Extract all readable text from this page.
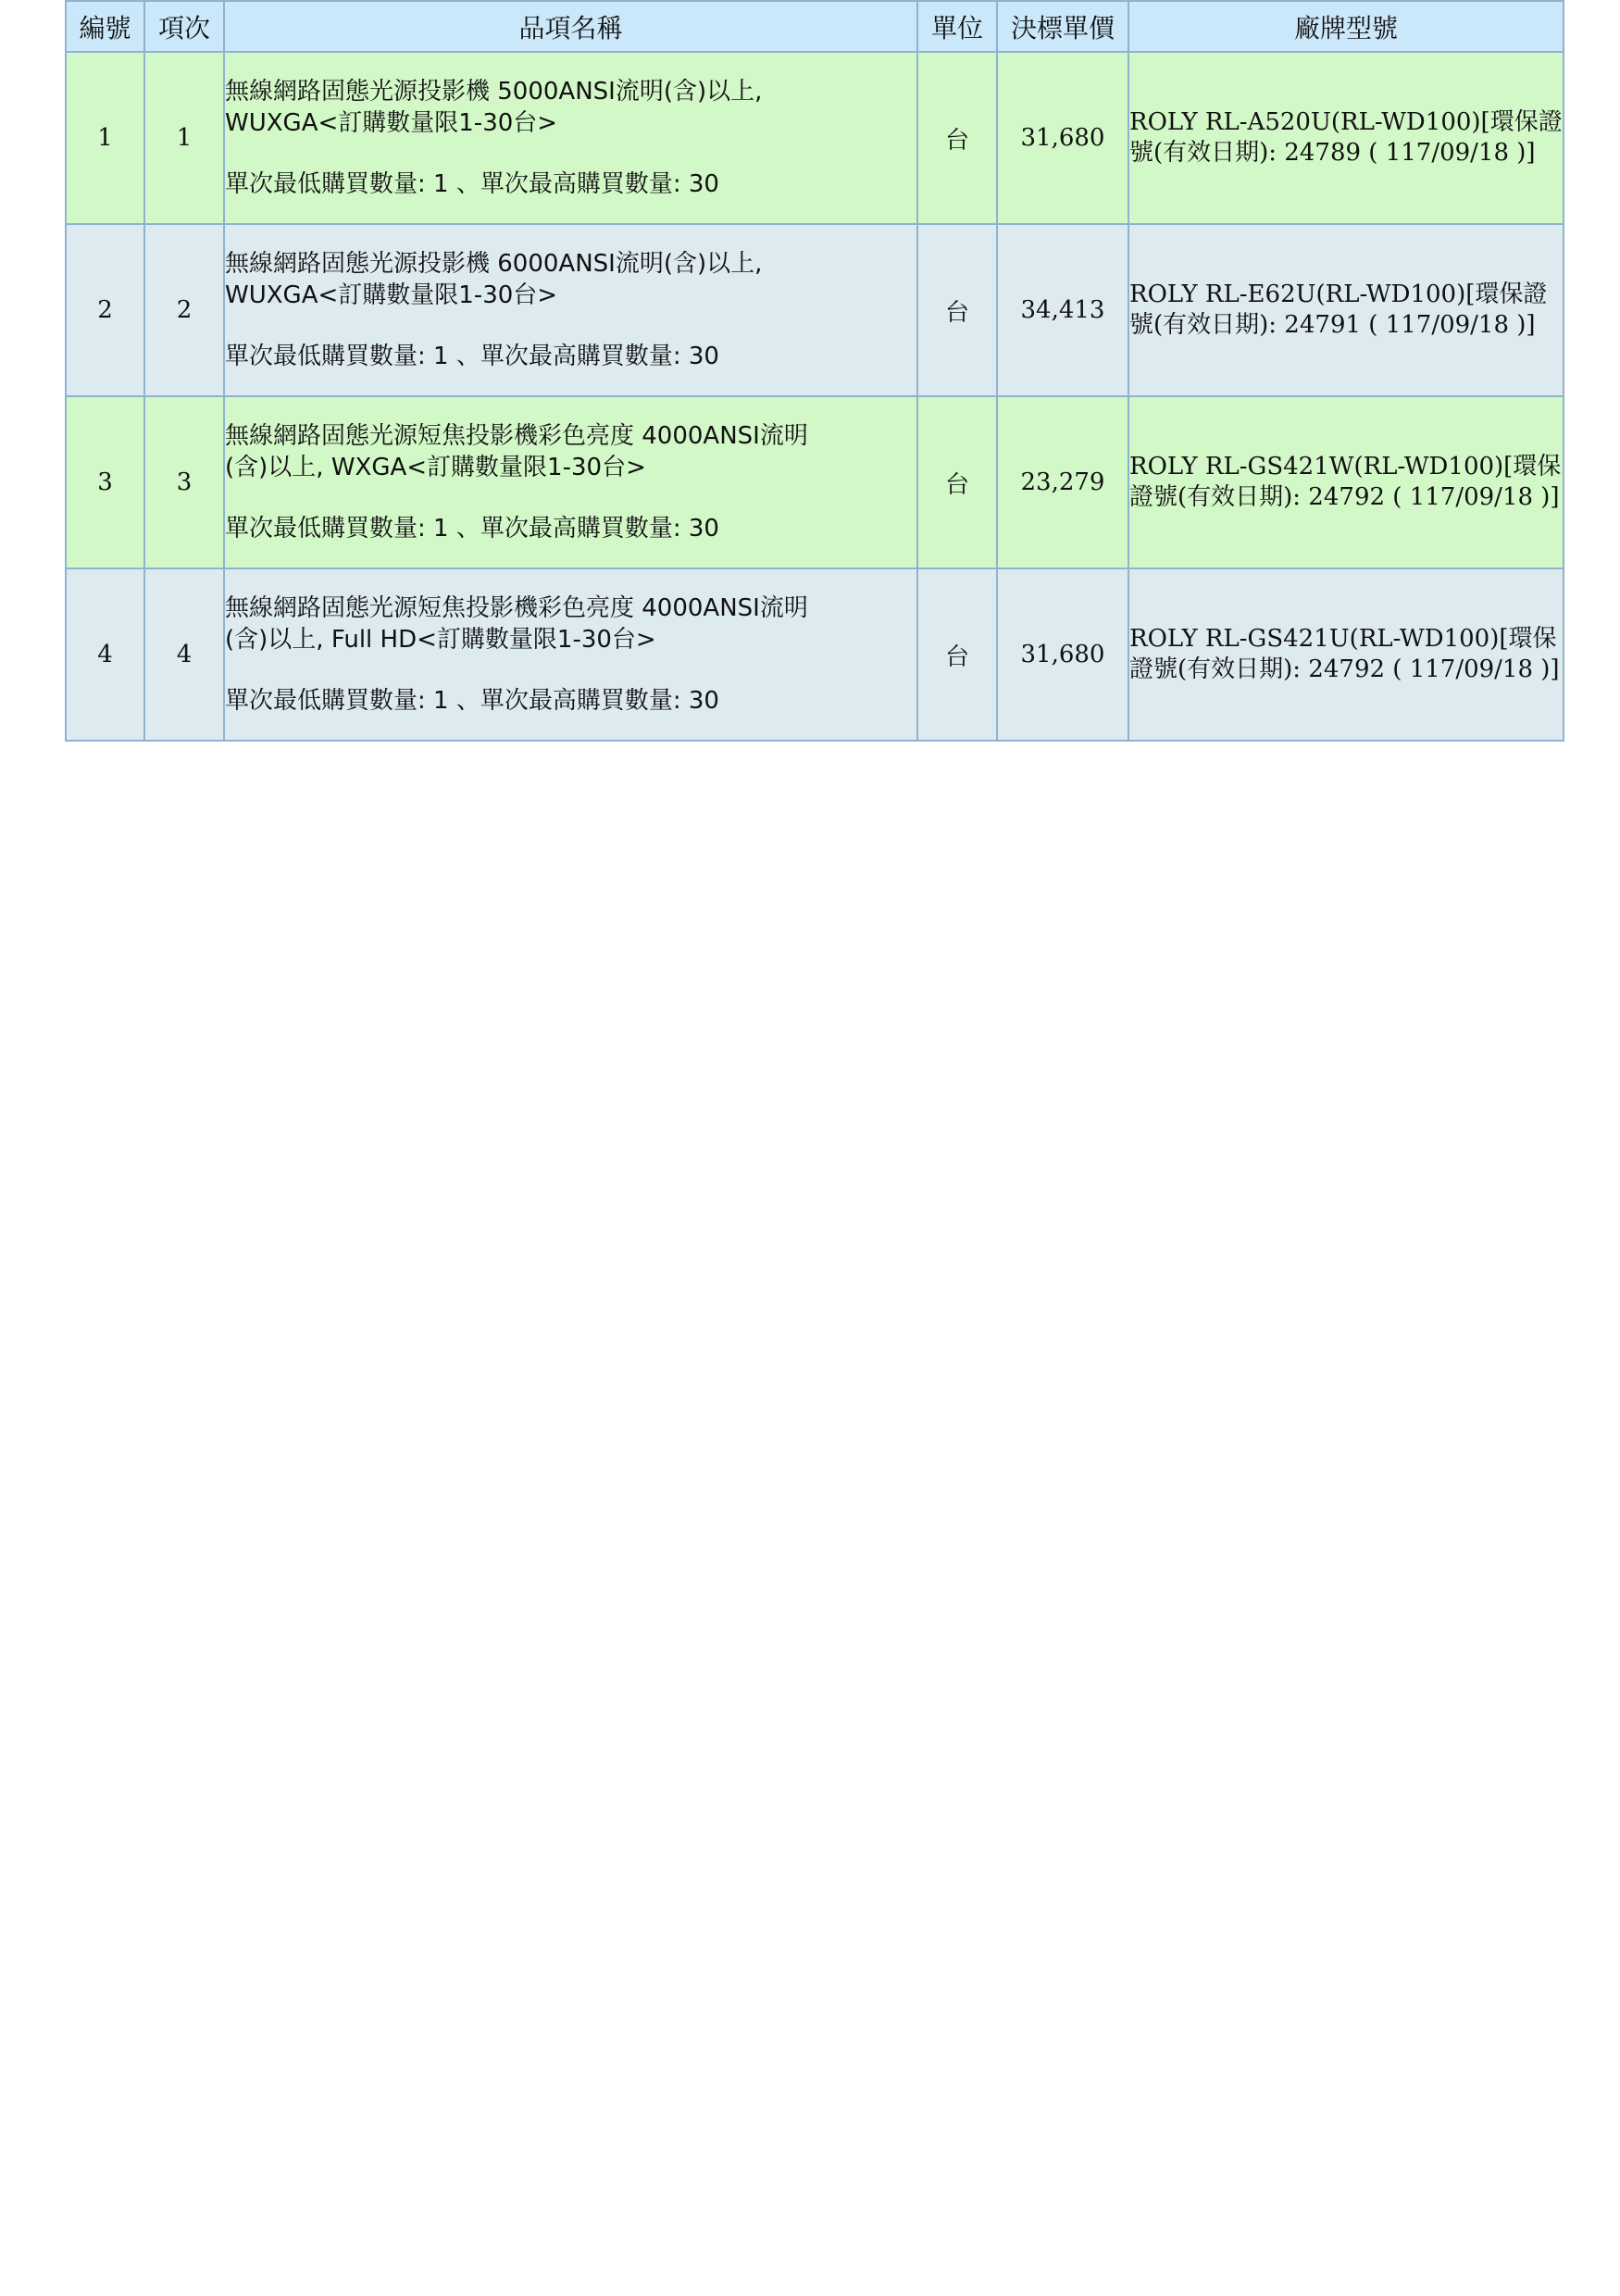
編號	項次	品項名稱	單位	決標單價	廠牌型號
1	1	無線網路固態光源投影機 5000ANSI流明(含)以上,
WUXGA<訂購數量限1-30台>
單次最低購買數量: 1 、單次最高購買數量: 30	台	31,680	ROLY RL-A520U(RL-WD100)[環保證號(有效日期): 24789 ( 117/09/18 )]
2	2	無線網路固態光源投影機 6000ANSI流明(含)以上,
WUXGA<訂購數量限1-30台>
單次最低購買數量: 1 、單次最高購買數量: 30	台	34,413	ROLY RL-E62U(RL-WD100)[環保證號(有效日期): 24791 ( 117/09/18 )]
3	3	無線網路固態光源短焦投影機彩色亮度 4000ANSI流明
(含)以上, WXGA<訂購數量限1-30台>
單次最低購買數量: 1 、單次最高購買數量: 30	台	23,279	ROLY RL-GS421W(RL-WD100)[環保證號(有效日期): 24792 ( 117/09/18 )]
4	4	無線網路固態光源短焦投影機彩色亮度 4000ANSI流明
(含)以上, Full HD<訂購數量限1-30台>
單次最低購買數量: 1 、單次最高購買數量: 30	台	31,680	ROLY RL-GS421U(RL-WD100)[環保證號(有效日期): 24792 ( 117/09/18 )]
